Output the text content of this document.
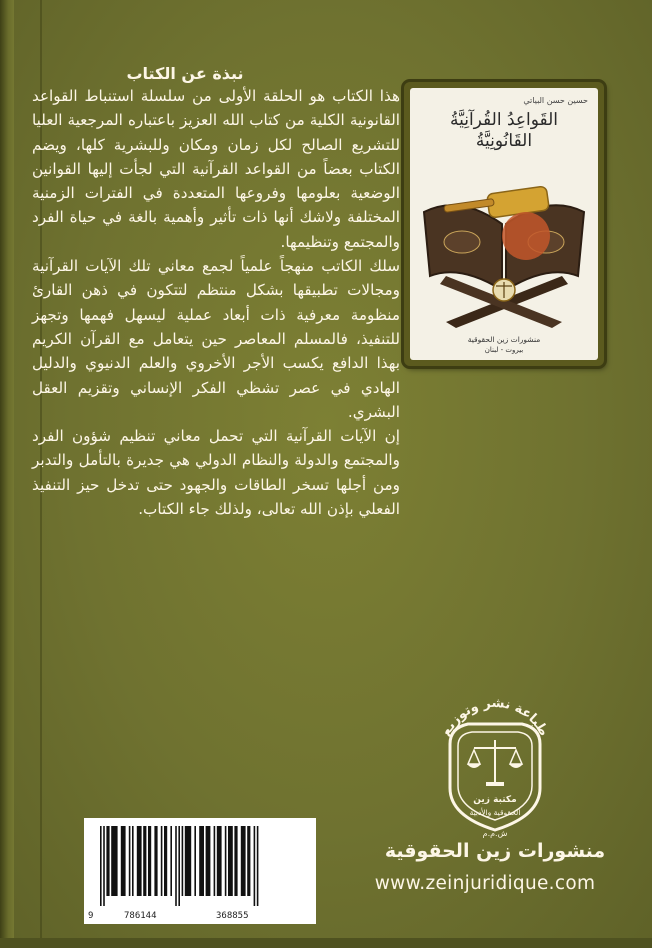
نبذة عن الكتاب

هذا الكتاب هو الحلقة الأولى من سلسلة استنباط القواعد القانونية الكلية من كتاب الله العزيز باعتباره المرجعية العليا للتشريع الصالح لكل زمان ومكان وللبشرية كلها، ويضم الكتاب بعضاً من القواعد القرآنية التي لجأت إليها القوانين الوضعية بعلومها وفروعها المتعددة في الفترات الزمنية المختلفة ولاشك أنها ذات تأثير وأهمية بالغة في حياة الفرد والمجتمع وتنظيمها.

سلك الكاتب منهجاً علمياً لجمع معاني تلك الآيات القرآنية ومجالات تطبيقها بشكل منتظم لتتكون في ذهن القارئ منظومة معرفية ذات أبعاد عملية ليسهل فهمها وتجهز للتنفيذ، فالمسلم المعاصر حين يتعامل مع القرآن الكريم بهذا الدافع يكسب الأجر الأخروي والعلم الدنيوي والدليل الهادي في عصر تشظي الفكر الإنساني وتقزيم العقل البشري.

إن الآيات القرآنية التي تحمل معاني تنظيم شؤون الفرد والمجتمع والدولة والنظام الدولي هي جديرة بالتأمل والتدبر ومن أجلها تسخر الطاقات والجهود حتى تدخل حيز التنفيذ الفعلي بإذن الله تعالى، ولذلك جاء الكتاب.

حسين حسن البياتي
القَواعِدُ القُرآنِيَّةُ
القَانُونِيَّةُ
منشورات زين الحقوقية
بيروت - لبنان
طباعة نشر وتوزيع
مكتبة زين
الحقوقية والأدبية
ش.م.م
منشورات زين الحقوقية
www.zeinjuridique.com
9	786144	368855
